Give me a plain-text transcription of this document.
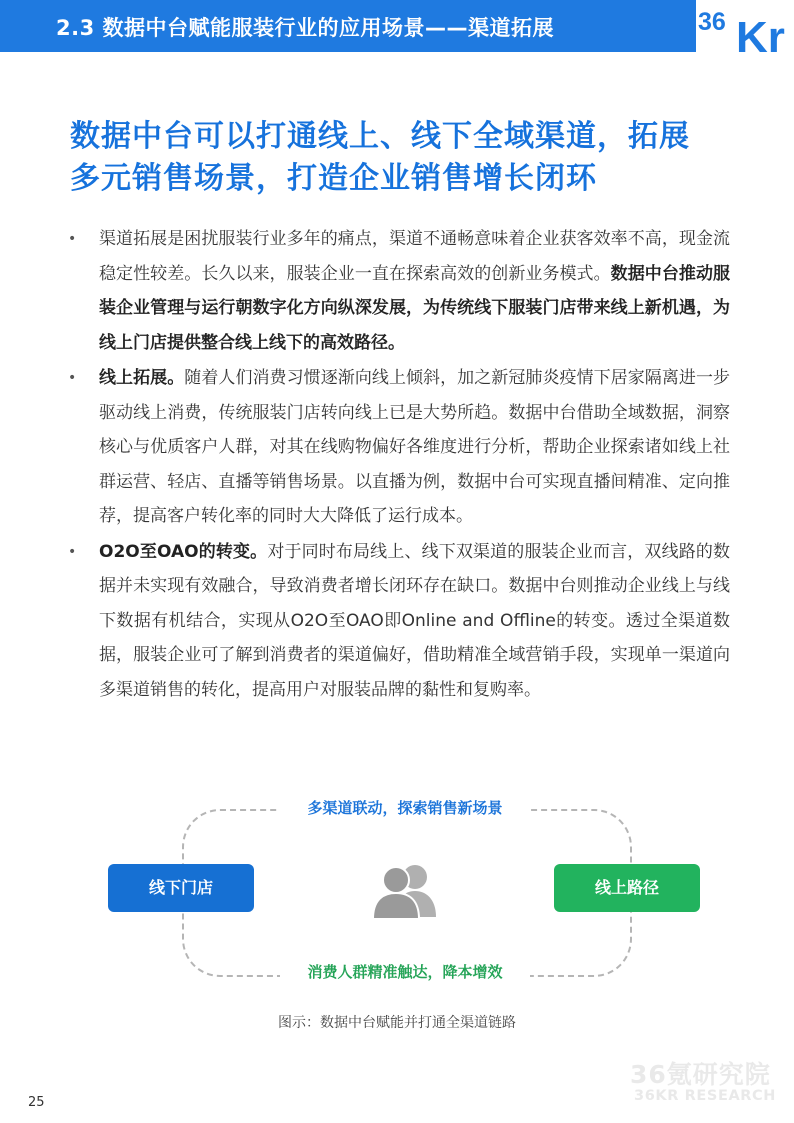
2.3 数据中台赋能服装行业的应用场景——渠道拓展	36 Kr
数据中台可以打通线上、线下全域渠道，拓展
多元销售场景，打造企业销售增长闭环
• 渠道拓展是困扰服装行业多年的痛点，渠道不通畅意味着企业获客效率不高，现金流稳定性较差。长久以来，服装企业一直在探索高效的创新业务模式。数据中台推动服装企业管理与运行朝数字化方向纵深发展，为传统线下服装门店带来线上新机遇，为线上门店提供整合线上线下的高效路径。
• 线上拓展。随着人们消费习惯逐渐向线上倾斜，加之新冠肺炎疫情下居家隔离进一步驱动线上消费，传统服装门店转向线上已是大势所趋。数据中台借助全域数据，洞察核心与优质客户人群，对其在线购物偏好各维度进行分析，帮助企业探索诸如线上社群运营、轻店、直播等销售场景。以直播为例，数据中台可实现直播间精准、定向推荐，提高客户转化率的同时大大降低了运行成本。
• O2O至OAO的转变。对于同时布局线上、线下双渠道的服装企业而言，双线路的数据并未实现有效融合，导致消费者增长闭环存在缺口。数据中台则推动企业线上与线下数据有机结合，实现从O2O至OAO即Online and Offline的转变。透过全渠道数据，服装企业可了解到消费者的渠道偏好，借助精准全域营销手段，实现单一渠道向多渠道销售的转化，提高用户对服装品牌的黏性和复购率。
多渠道联动，探索销售新场景
消费人群精准触达，降本增效
线下门店	线上路径
图示：数据中台赋能并打通全渠道链路
36氪研究院
36KR RESEARCH
25
